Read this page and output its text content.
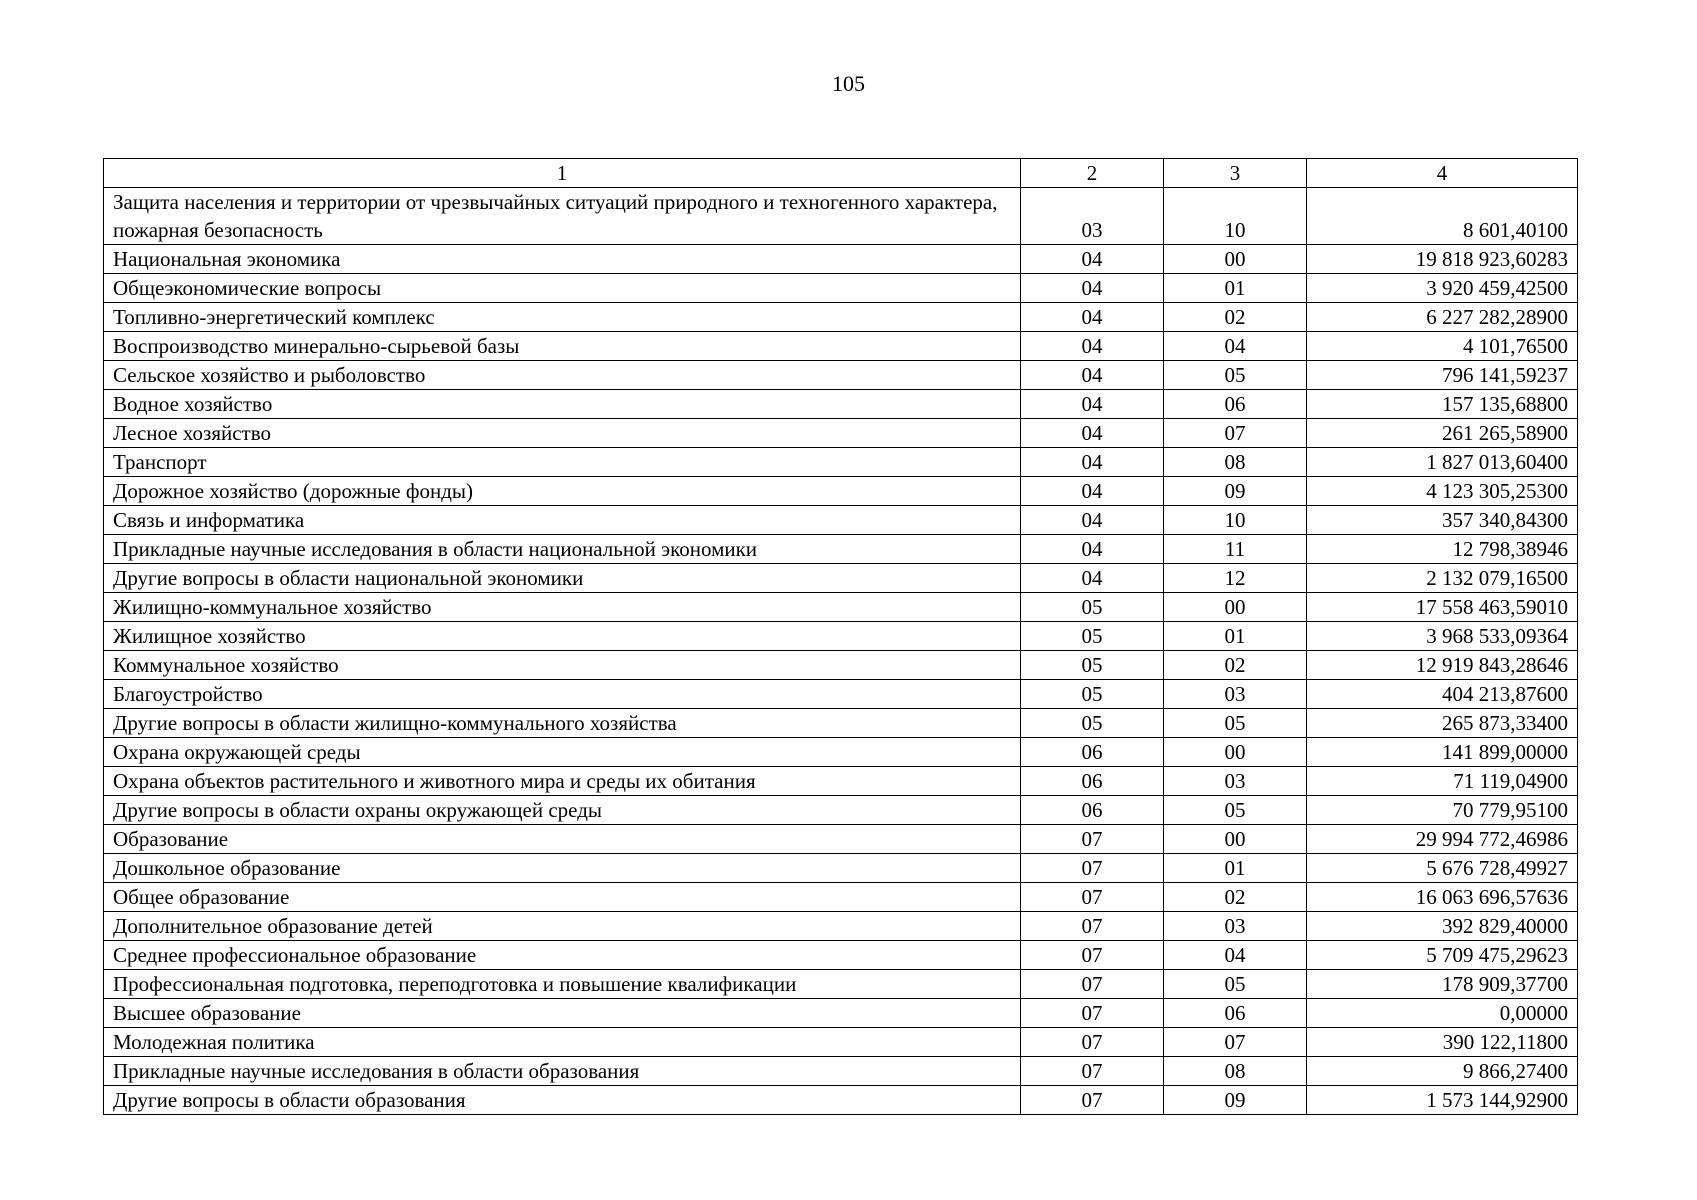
105
1	2	3	4
Защита населения и территории от чрезвычайных ситуаций природного и техногенного характера, пожарная безопасность	03	10	8 601,40100
Национальная экономика	04	00	19 818 923,60283
Общеэкономические вопросы	04	01	3 920 459,42500
Топливно-энергетический комплекс	04	02	6 227 282,28900
Воспроизводство минерально-сырьевой базы	04	04	4 101,76500
Сельское хозяйство и рыболовство	04	05	796 141,59237
Водное хозяйство	04	06	157 135,68800
Лесное хозяйство	04	07	261 265,58900
Транспорт	04	08	1 827 013,60400
Дорожное хозяйство (дорожные фонды)	04	09	4 123 305,25300
Связь и информатика	04	10	357 340,84300
Прикладные научные исследования в области национальной экономики	04	11	12 798,38946
Другие вопросы в области национальной экономики	04	12	2 132 079,16500
Жилищно-коммунальное хозяйство	05	00	17 558 463,59010
Жилищное хозяйство	05	01	3 968 533,09364
Коммунальное хозяйство	05	02	12 919 843,28646
Благоустройство	05	03	404 213,87600
Другие вопросы в области жилищно-коммунального хозяйства	05	05	265 873,33400
Охрана окружающей среды	06	00	141 899,00000
Охрана объектов растительного и животного мира и среды их обитания	06	03	71 119,04900
Другие вопросы в области охраны окружающей среды	06	05	70 779,95100
Образование	07	00	29 994 772,46986
Дошкольное образование	07	01	5 676 728,49927
Общее образование	07	02	16 063 696,57636
Дополнительное образование детей	07	03	392 829,40000
Среднее профессиональное образование	07	04	5 709 475,29623
Профессиональная подготовка, переподготовка и повышение квалификации	07	05	178 909,37700
Высшее образование	07	06	0,00000
Молодежная политика	07	07	390 122,11800
Прикладные научные исследования в области образования	07	08	9 866,27400
Другие вопросы в области образования	07	09	1 573 144,92900
